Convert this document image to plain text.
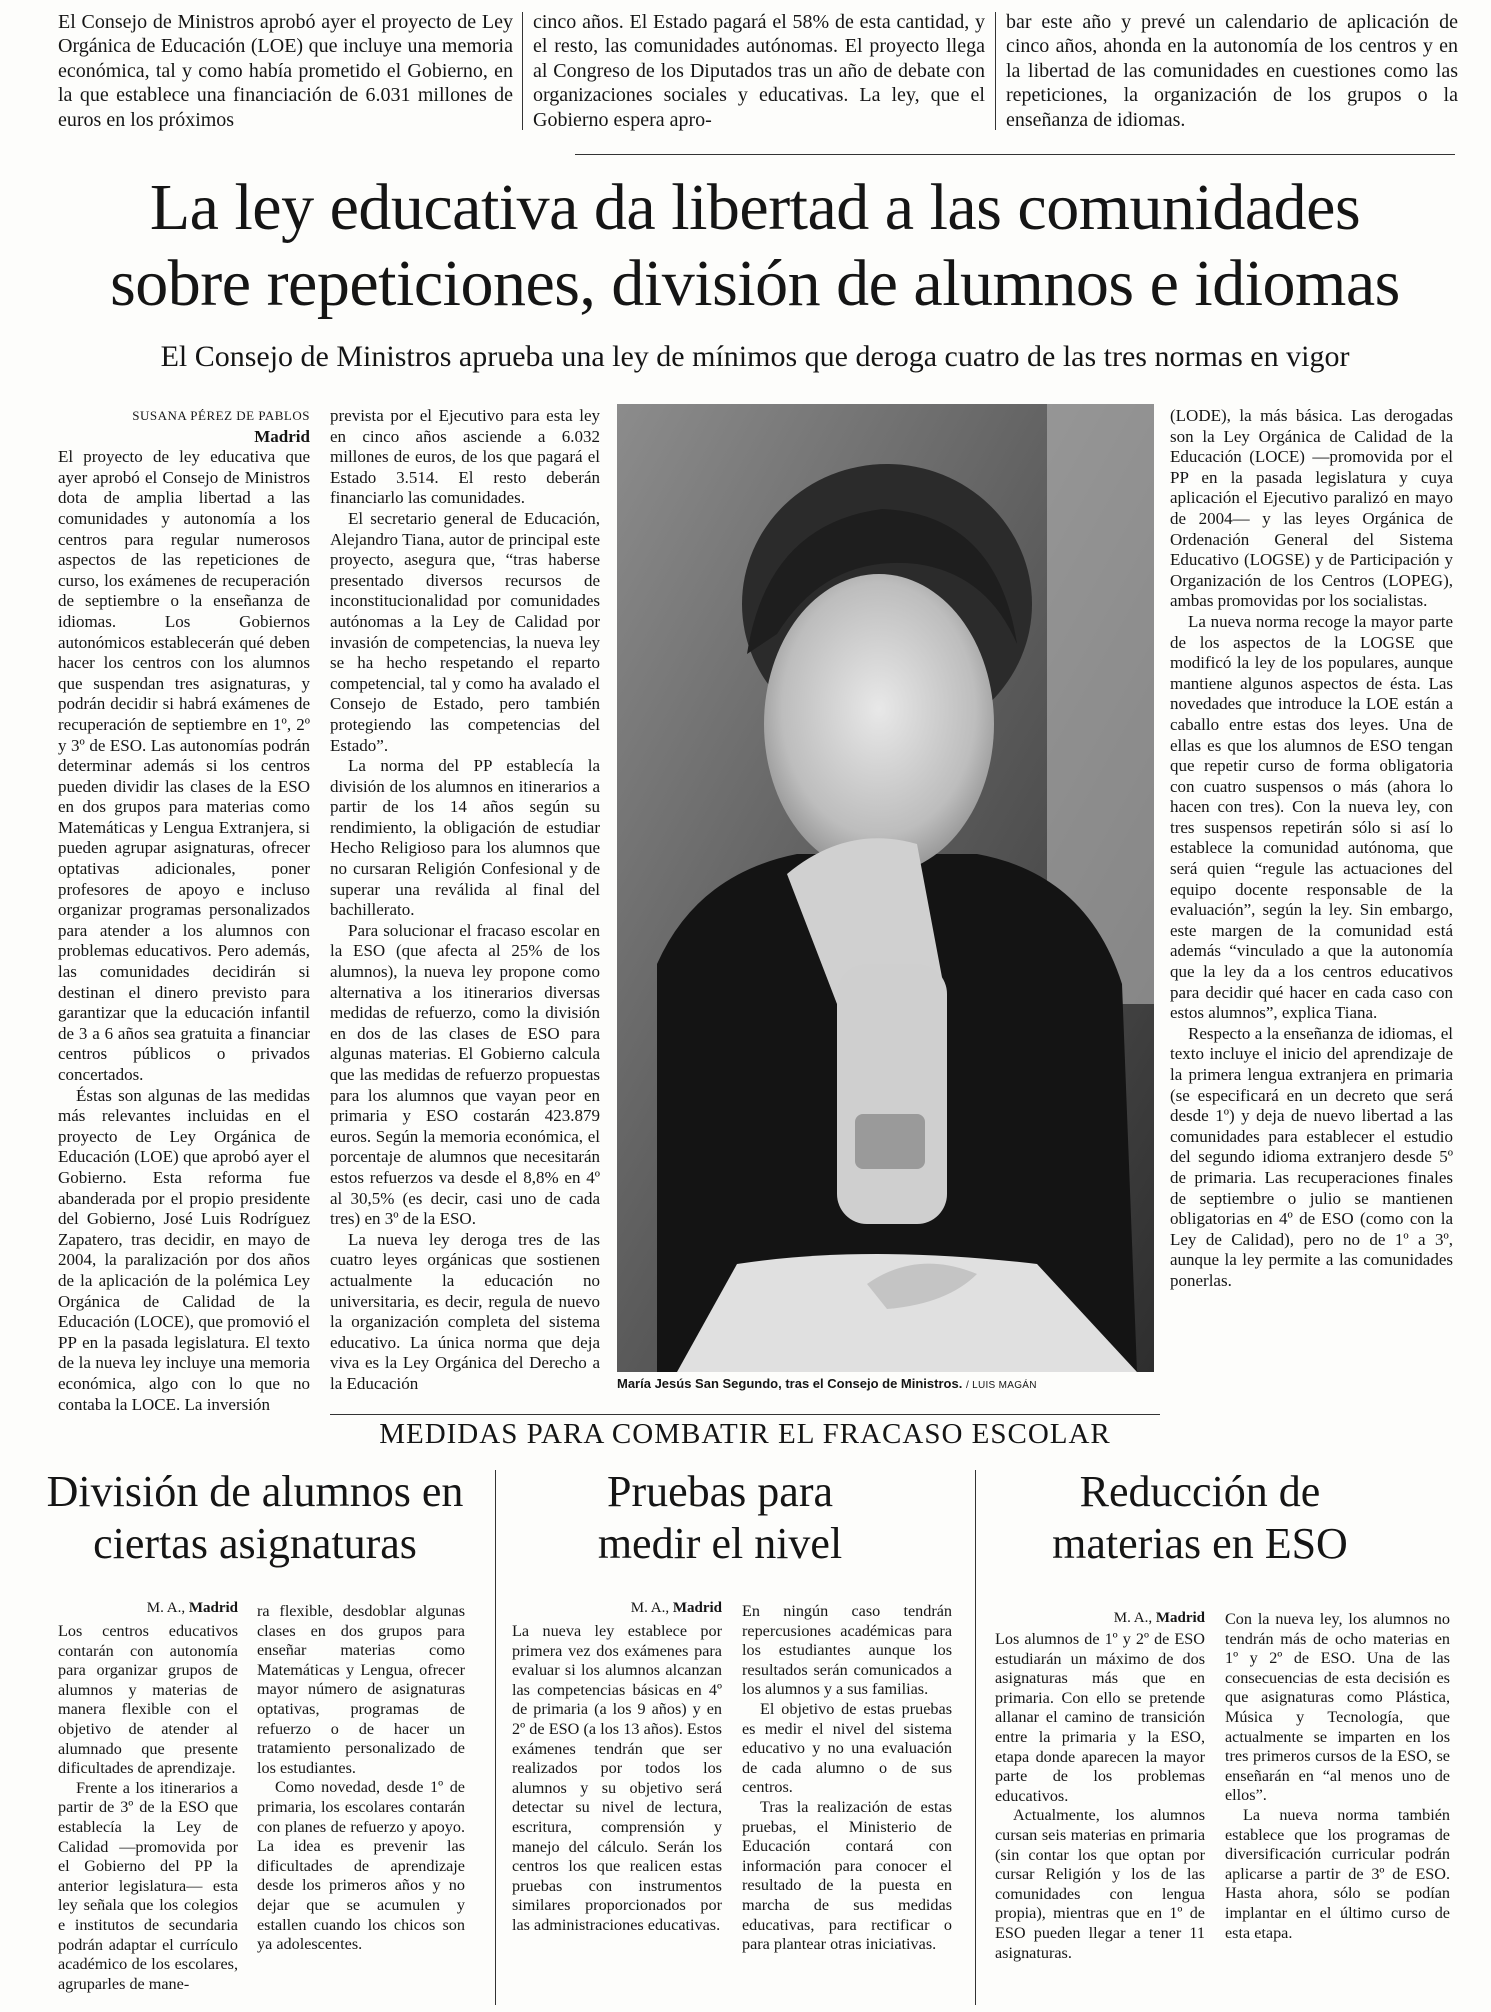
El Consejo de Ministros aprobó ayer el proyecto de Ley Orgánica de Educación (LOE) que incluye una memoria económica, tal y como había prometido el Gobierno, en la que establece una financiación de 6.031 millones de euros en los próximos
cinco años. El Estado pagará el 58% de esta cantidad, y el resto, las comunidades autónomas. El proyecto llega al Congreso de los Diputados tras un año de debate con organizaciones sociales y educativas. La ley, que el Gobierno espera apro-
bar este año y prevé un calendario de aplicación de cinco años, ahonda en la autonomía de los centros y en la libertad de las comunidades en cuestiones como las repeticiones, la organización de los grupos o la enseñanza de idiomas.
La ley educativa da libertad a las comunidades
sobre repeticiones, división de alumnos e idiomas
El Consejo de Ministros aprueba una ley de mínimos que deroga cuatro de las tres normas en vigor
SUSANA PÉREZ DE PABLOS
Madrid

El proyecto de ley educativa que ayer aprobó el Consejo de Ministros dota de amplia libertad a las comunidades y autonomía a los centros para regular numerosos aspectos de las repeticiones de curso, los exámenes de recuperación de septiembre o la enseñanza de idiomas. Los Gobiernos autonómicos establecerán qué deben hacer los centros con los alumnos que suspendan tres asignaturas, y podrán decidir si habrá exámenes de recuperación de septiembre en 1º, 2º y 3º de ESO. Las autonomías podrán determinar además si los centros pueden dividir las clases de la ESO en dos grupos para materias como Matemáticas y Lengua Extranjera, si pueden agrupar asignaturas, ofrecer optativas adicionales, poner profesores de apoyo e incluso organizar programas personalizados para atender a los alumnos con problemas educativos. Pero además, las comunidades decidirán si destinan el dinero previsto para garantizar que la educación infantil de 3 a 6 años sea gratuita a financiar centros públicos o privados concertados.

Éstas son algunas de las medidas más relevantes incluidas en el proyecto de Ley Orgánica de Educación (LOE) que aprobó ayer el Gobierno. Esta reforma fue abanderada por el propio presidente del Gobierno, José Luis Rodríguez Zapatero, tras decidir, en mayo de 2004, la paralización por dos años de la aplicación de la polémica Ley Orgánica de Calidad de la Educación (LOCE), que promovió el PP en la pasada legislatura. El texto de la nueva ley incluye una memoria económica, algo con lo que no contaba la LOCE. La inversión

prevista por el Ejecutivo para esta ley en cinco años asciende a 6.032 millones de euros, de los que pagará el Estado 3.514. El resto deberán financiarlo las comunidades.

El secretario general de Educación, Alejandro Tiana, autor de principal este proyecto, asegura que, “tras haberse presentado diversos recursos de inconstitucionalidad por comunidades autónomas a la Ley de Calidad por invasión de competencias, la nueva ley se ha hecho respetando el reparto competencial, tal y como ha avalado el Consejo de Estado, pero también protegiendo las competencias del Estado”.

La norma del PP establecía la división de los alumnos en itinerarios a partir de los 14 años según su rendimiento, la obligación de estudiar Hecho Religioso para los alumnos que no cursaran Religión Confesional y de superar una reválida al final del bachillerato.

Para solucionar el fracaso escolar en la ESO (que afecta al 25% de los alumnos), la nueva ley propone como alternativa a los itinerarios diversas medidas de refuerzo, como la división en dos de las clases de ESO para algunas materias. El Gobierno calcula que las medidas de refuerzo propuestas para los alumnos que vayan peor en primaria y ESO costarán 423.879 euros. Según la memoria económica, el porcentaje de alumnos que necesitarán estos refuerzos va desde el 8,8% en 4º al 30,5% (es decir, casi uno de cada tres) en 3º de la ESO.

La nueva ley deroga tres de las cuatro leyes orgánicas que sostienen actualmente la educación no universitaria, es decir, regula de nuevo la organización completa del sistema educativo. La única norma que deja viva es la Ley Orgánica del Derecho a la Educación	María Jesús San Segundo, tras el Consejo de Ministros. / LUIS MAGÁN

(LODE), la más básica. Las derogadas son la Ley Orgánica de Calidad de la Educación (LOCE) —promovida por el PP en la pasada legislatura y cuya aplicación el Ejecutivo paralizó en mayo de 2004— y las leyes Orgánica de Ordenación General del Sistema Educativo (LOGSE) y de Participación y Organización de los Centros (LOPEG), ambas promovidas por los socialistas.

La nueva norma recoge la mayor parte de los aspectos de la LOGSE que modificó la ley de los populares, aunque mantiene algunos aspectos de ésta. Las novedades que introduce la LOE están a caballo entre estas dos leyes. Una de ellas es que los alumnos de ESO tengan que repetir curso de forma obligatoria con cuatro suspensos o más (ahora lo hacen con tres). Con la nueva ley, con tres suspensos repetirán sólo si así lo establece la comunidad autónoma, que será quien “regule las actuaciones del equipo docente responsable de la evaluación”, según la ley. Sin embargo, este margen de la comunidad está además “vinculado a que la autonomía que la ley da a los centros educativos para decidir qué hacer en cada caso con estos alumnos”, explica Tiana.

Respecto a la enseñanza de idiomas, el texto incluye el inicio del aprendizaje de la primera lengua extranjera en primaria (se especificará en un decreto que será desde 1º) y deja de nuevo libertad a las comunidades para establecer el estudio del segundo idioma extranjero desde 5º de primaria. Las recuperaciones finales de septiembre o julio se mantienen obligatorias en 4º de ESO (como con la Ley de Calidad), pero no de 1º a 3º, aunque la ley permite a las comunidades ponerlas.

MEDIDAS PARA COMBATIR EL FRACASO ESCOLAR
División de alumnos en ciertas asignaturas
M. A., Madrid

Los centros educativos contarán con autonomía para organizar grupos de alumnos y materias de manera flexible con el objetivo de atender al alumnado que presente dificultades de aprendizaje.

Frente a los itinerarios a partir de 3º de la ESO que establecía la Ley de Calidad —promovida por el Gobierno del PP la anterior legislatura— esta ley señala que los colegios e institutos de secundaria podrán adaptar el currículo académico de los escolares, agruparles de mane-

ra flexible, desdoblar algunas clases en dos grupos para enseñar materias como Matemáticas y Lengua, ofrecer mayor número de asignaturas optativas, programas de refuerzo o de hacer un tratamiento personalizado de los estudiantes.

Como novedad, desde 1º de primaria, los escolares contarán con planes de refuerzo y apoyo. La idea es prevenir las dificultades de aprendizaje desde los primeros años y no dejar que se acumulen y estallen cuando los chicos son ya adolescentes.

Pruebas para medir el nivel
M. A., Madrid

La nueva ley establece por primera vez dos exámenes para evaluar si los alumnos alcanzan las competencias básicas en 4º de primaria (a los 9 años) y en 2º de ESO (a los 13 años). Estos exámenes tendrán que ser realizados por todos los alumnos y su objetivo será detectar su nivel de lectura, escritura, comprensión y manejo del cálculo. Serán los centros los que realicen estas pruebas con instrumentos similares proporcionados por las administraciones educativas.

En ningún caso tendrán repercusiones académicas para los estudiantes aunque los resultados serán comunicados a los alumnos y a sus familias.

El objetivo de estas pruebas es medir el nivel del sistema educativo y no una evaluación de cada alumno o de sus centros.

Tras la realización de estas pruebas, el Ministerio de Educación contará con información para conocer el resultado de la puesta en marcha de sus medidas educativas, para rectificar o para plantear otras iniciativas.

Reducción de materias en ESO
M. A., Madrid

Los alumnos de 1º y 2º de ESO estudiarán un máximo de dos asignaturas más que en primaria. Con ello se pretende allanar el camino de transición entre la primaria y la ESO, etapa donde aparecen la mayor parte de los problemas educativos.

Actualmente, los alumnos cursan seis materias en primaria (sin contar los que optan por cursar Religión y los de las comunidades con lengua propia), mientras que en 1º de ESO pueden llegar a tener 11 asignaturas.

Con la nueva ley, los alumnos no tendrán más de ocho materias en 1º y 2º de ESO. Una de las consecuencias de esta decisión es que asignaturas como Plástica, Música y Tecnología, que actualmente se imparten en los tres primeros cursos de la ESO, se enseñarán en “al menos uno de ellos”.

La nueva norma también establece que los programas de diversificación curricular podrán aplicarse a partir de 3º de ESO. Hasta ahora, sólo se podían implantar en el último curso de esta etapa.
